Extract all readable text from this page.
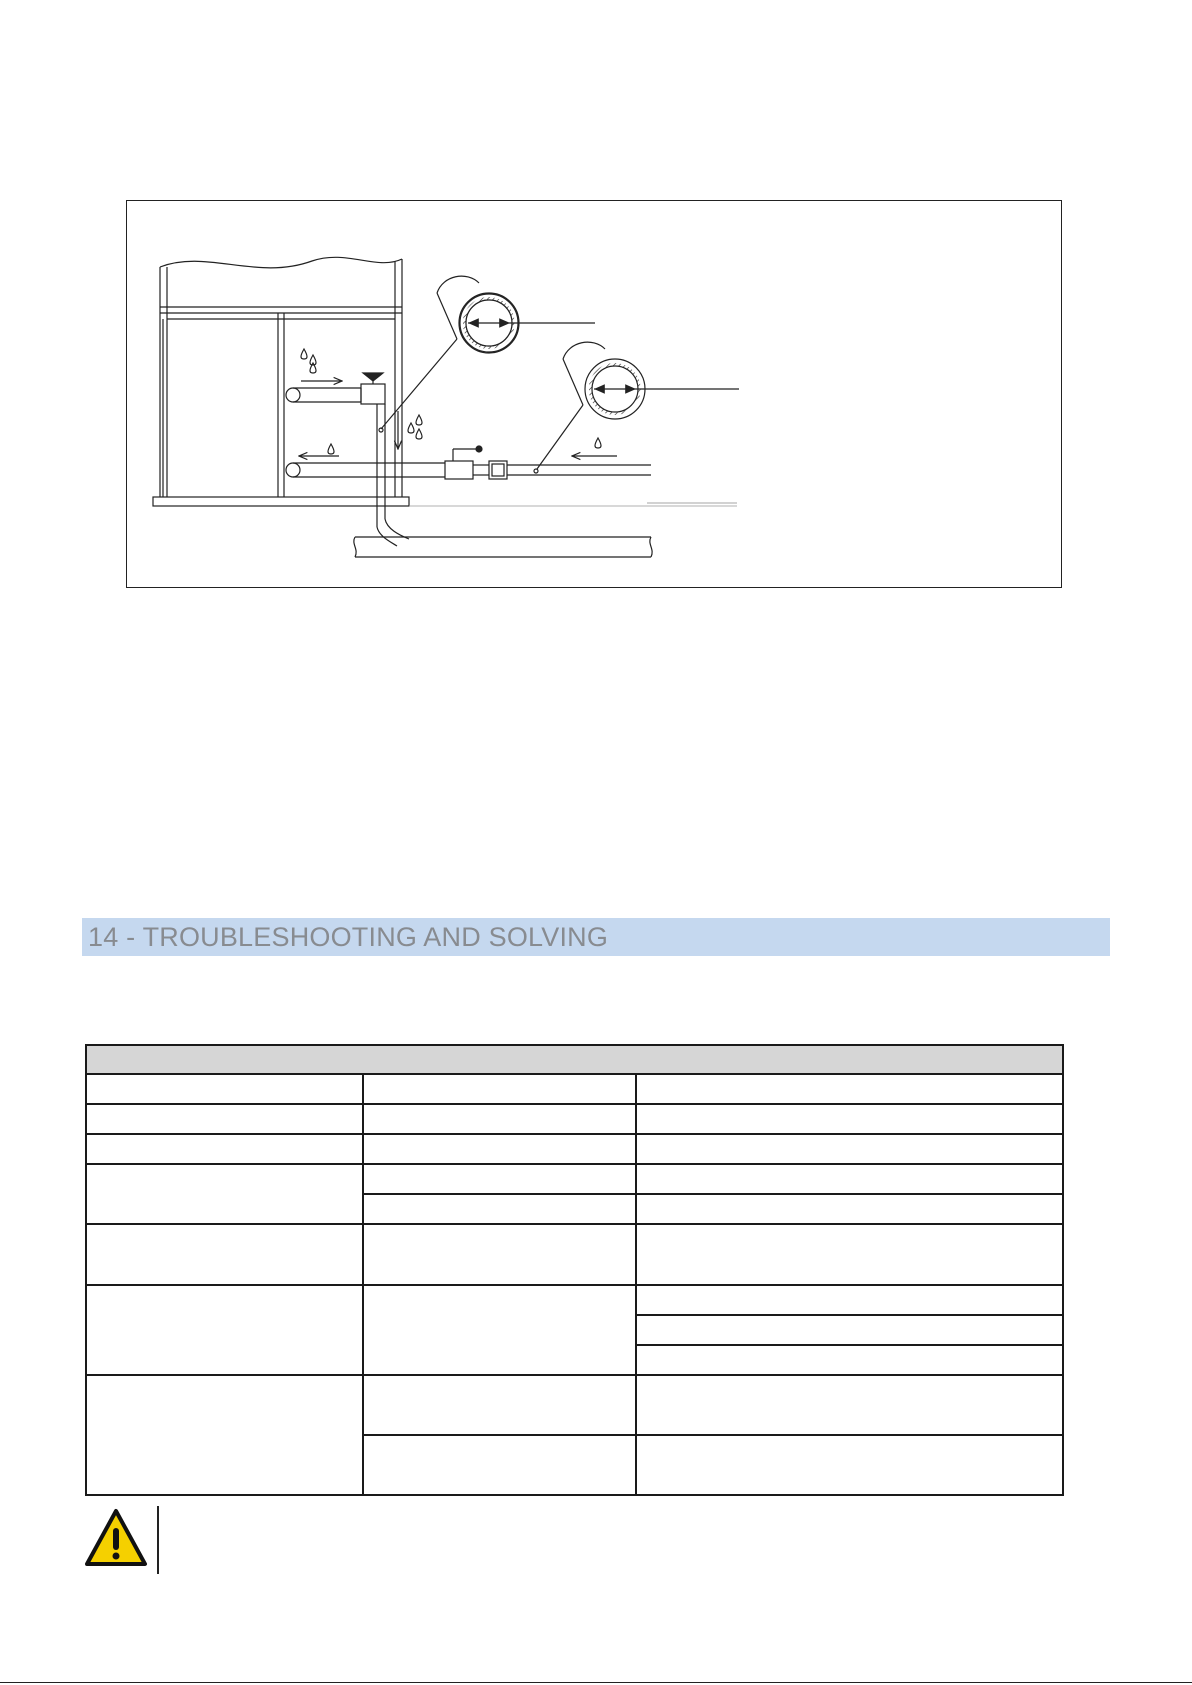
14 - TROUBLESHOOTING AND SOLVING
